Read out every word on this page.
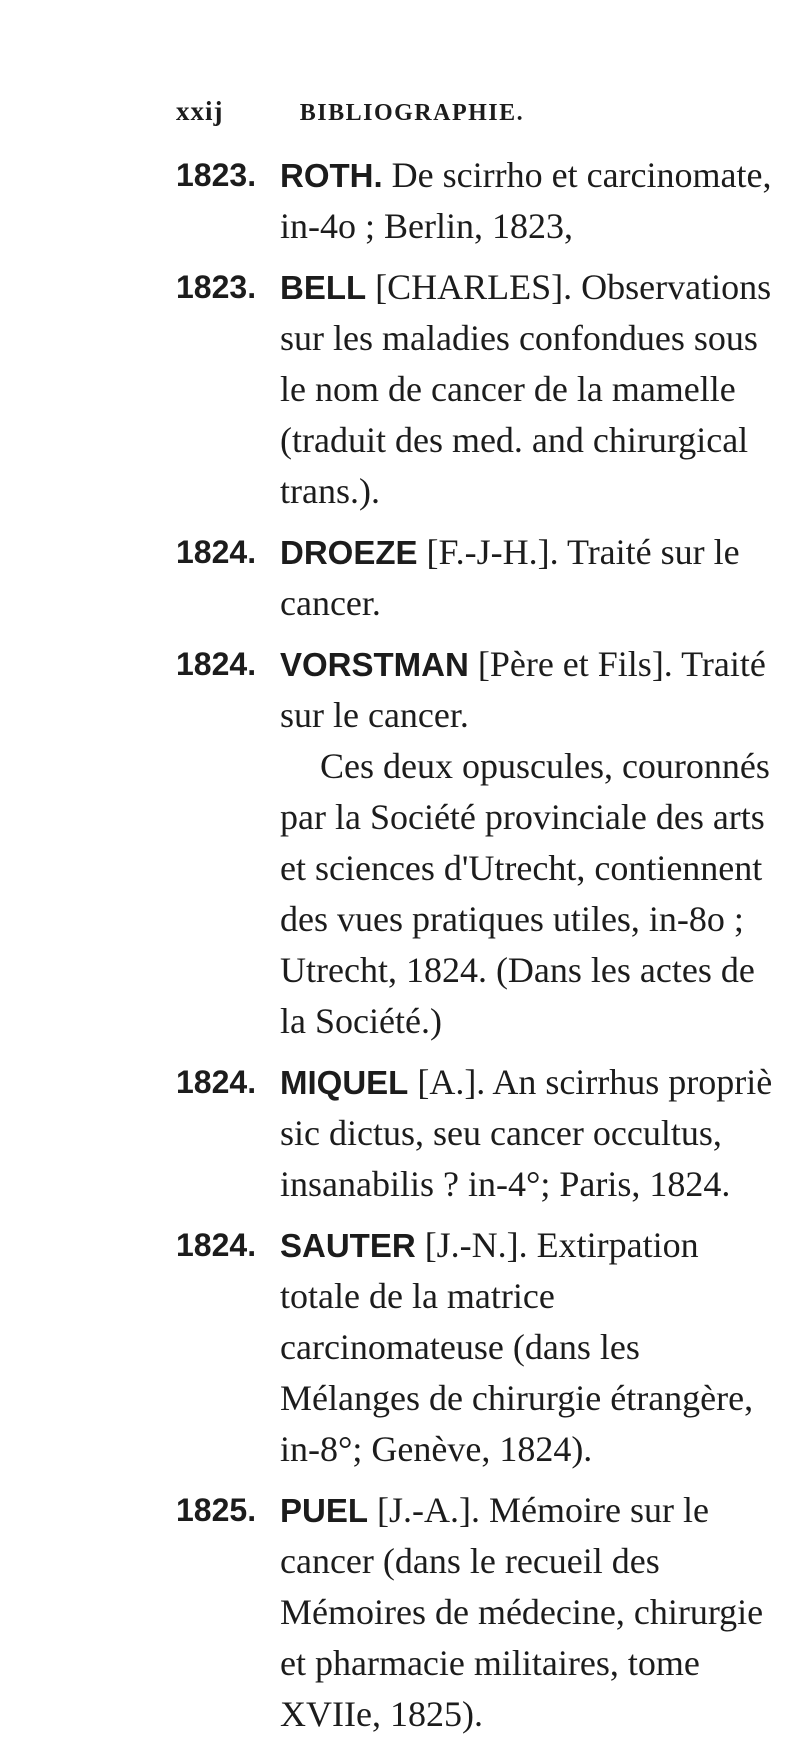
xxij	BIBLIOGRAPHIE.
1823. ROTH. De scirrho et carcinomate, in-4o ; Berlin, 1823,
1823. BELL [CHARLES]. Observations sur les maladies confondues sous le nom de cancer de la mamelle (traduit des med. and chirurgical trans.).
1824. DROEZE [F.-J-H.]. Traité sur le cancer.
1824. VORSTMAN [Père et Fils]. Traité sur le cancer.
Ces deux opuscules, couronnés par la Société provinciale des arts et sciences d'Utrecht, contiennent des vues pratiques utiles, in-8o ; Utrecht, 1824. (Dans les actes de la Société.)
1824. MIQUEL [A.]. An scirrhus propriè sic dictus, seu cancer occultus, insanabilis ? in-4°; Paris, 1824.
1824. SAUTER [J.-N.]. Extirpation totale de la matrice carcinomateuse (dans les Mélanges de chirurgie étrangère, in-8°; Genève, 1824).
1825. PUEL [J.-A.]. Mémoire sur le cancer (dans le recueil des Mémoires de médecine, chirurgie et pharmacie militaires, tome XVIIe, 1825).
